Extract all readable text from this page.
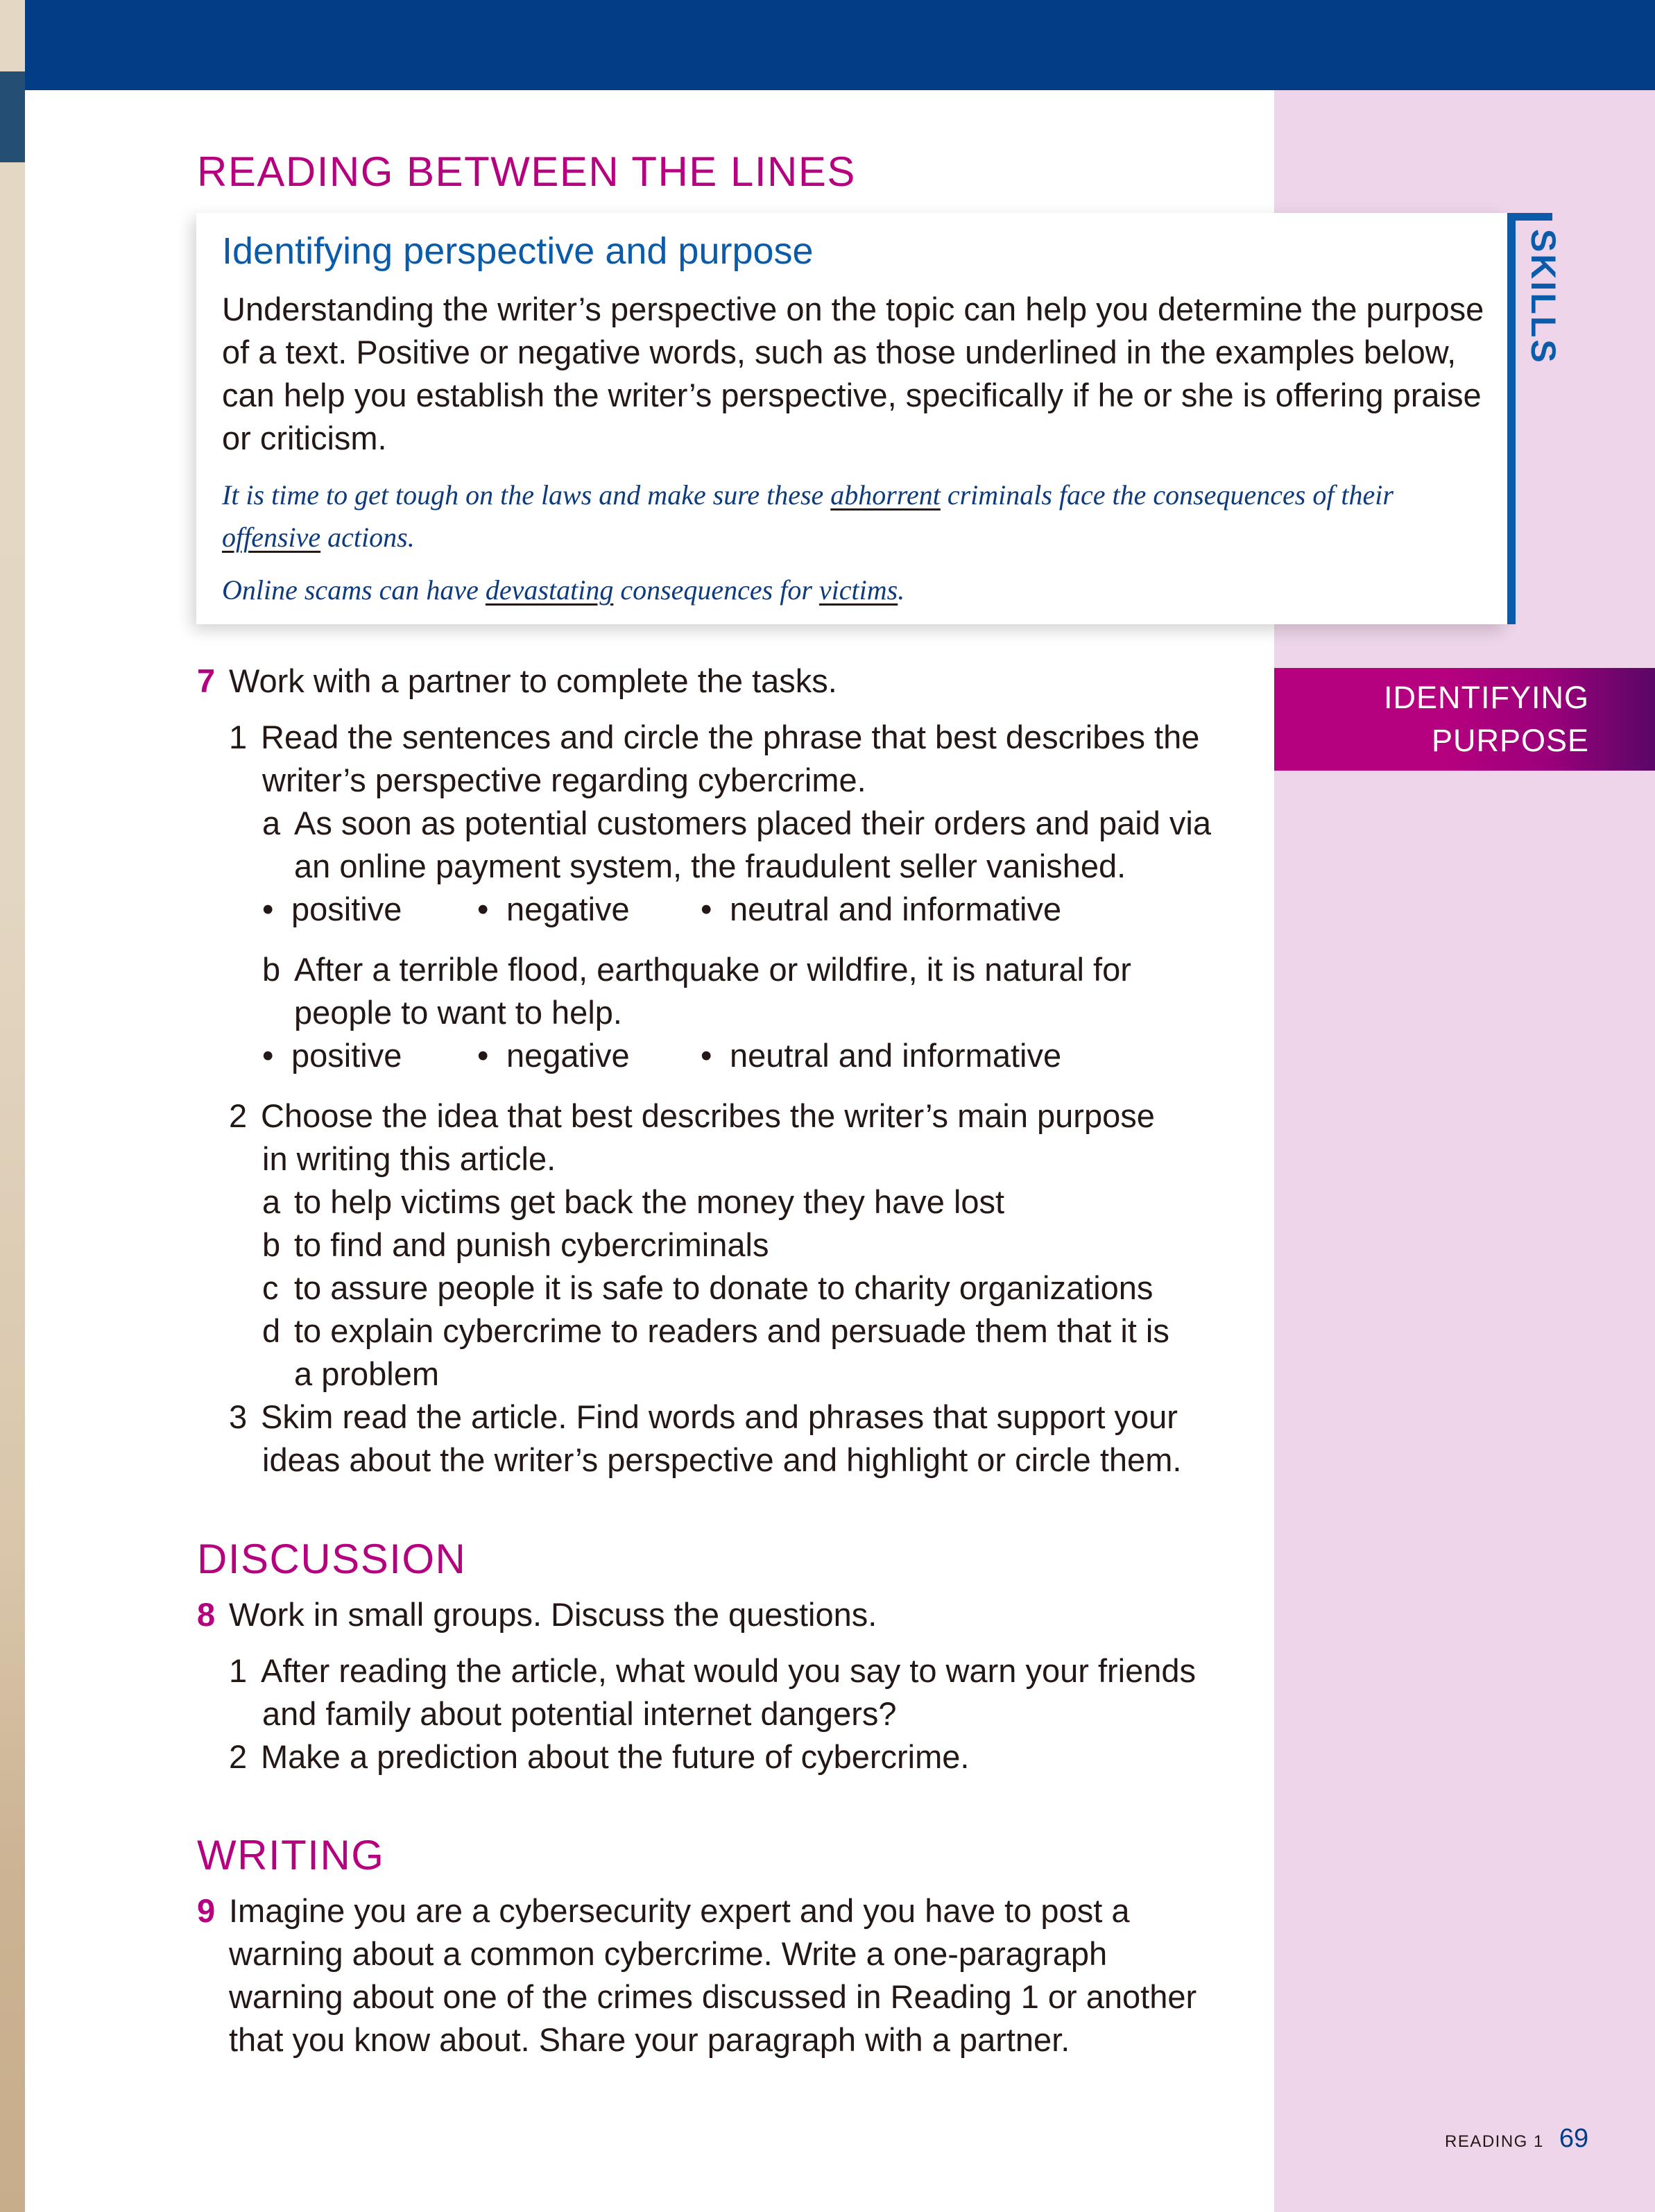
READING BETWEEN THE LINES
SKILLS
Identifying perspective and purpose
Understanding the writer’s perspective on the topic can help you determine the purpose of a text. Positive or negative words, such as those underlined in the examples below, can help you establish the writer’s perspective, specifically if he or she is offering praise or criticism.
It is time to get tough on the laws and make sure these abhorrent criminals face the consequences of their offensive actions.
Online scams can have devastating consequences for victims.
IDENTIFYING
PURPOSE
7 Work with a partner to complete the tasks.
1 Read the sentences and circle the phrase that best describes the
writer’s perspective regarding cybercrime.
a As soon as potential customers placed their orders and paid via
an online payment system, the fraudulent seller vanished.
• positive • negative • neutral and informative
b After a terrible flood, earthquake or wildfire, it is natural for
people to want to help.
• positive • negative • neutral and informative
2 Choose the idea that best describes the writer’s main purpose
in writing this article.
a to help victims get back the money they have lost
b to find and punish cybercriminals
c to assure people it is safe to donate to charity organizations
d to explain cybercrime to readers and persuade them that it is
a problem
3 Skim read the article. Find words and phrases that support your
ideas about the writer’s perspective and highlight or circle them.
DISCUSSION
8 Work in small groups. Discuss the questions.
1 After reading the article, what would you say to warn your friends
and family about potential internet dangers?
2 Make a prediction about the future of cybercrime.
WRITING
9 Imagine you are a cybersecurity expert and you have to post a
warning about a common cybercrime. Write a one-paragraph
warning about one of the crimes discussed in Reading 1 or another
that you know about. Share your paragraph with a partner.
READING 1 69
